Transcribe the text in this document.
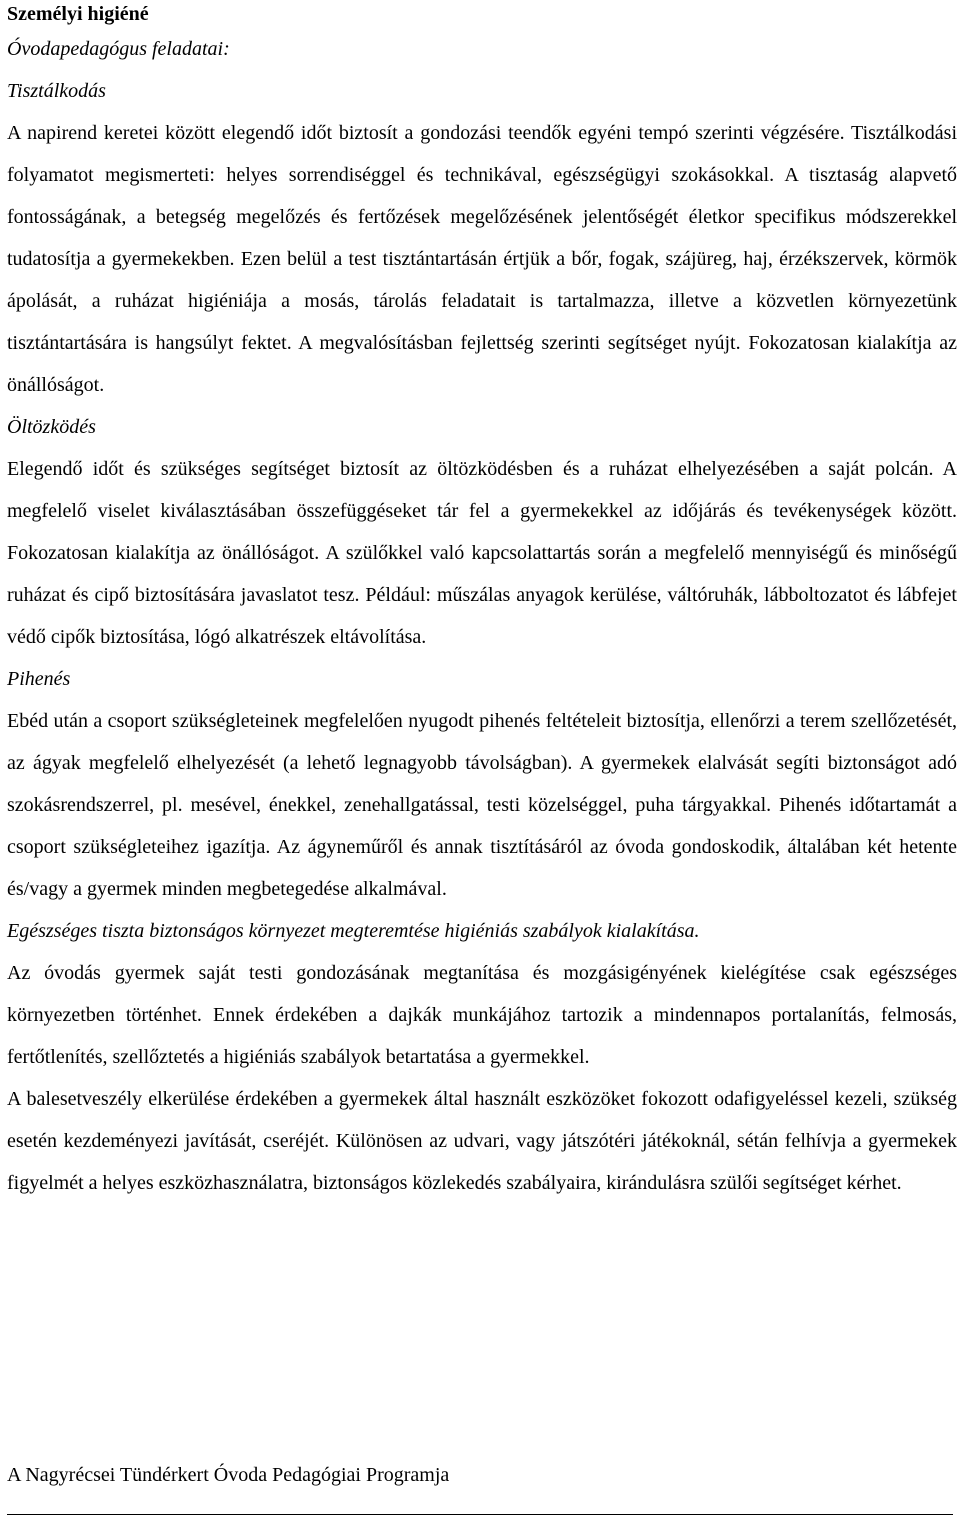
Személyi higiéné

Óvodapedagógus feladatai:

Tisztálkodás

A napirend keretei között elegendő időt biztosít a gondozási teendők egyéni tempó szerinti végzésére. Tisztálkodási folyamatot megismerteti: helyes sorrendiséggel és technikával, egészségügyi szokásokkal. A tisztaság alapvető fontosságának, a betegség megelőzés és fertőzések megelőzésének jelentőségét életkor specifikus módszerekkel tudatosítja a gyermekekben. Ezen belül a test tisztántartásán értjük a bőr, fogak, szájüreg, haj, érzékszervek, körmök ápolását, a ruházat higiéniája a mosás, tárolás feladatait is tartalmazza, illetve a közvetlen környezetünk tisztántartására is hangsúlyt fektet. A megvalósításban fejlettség szerinti segítséget nyújt. Fokozatosan kialakítja az önállóságot.

Öltözködés

Elegendő időt és szükséges segítséget biztosít az öltözködésben és a ruházat elhelyezésében a saját polcán. A megfelelő viselet kiválasztásában összefüggéseket tár fel a gyermekekkel az időjárás és tevékenységek között. Fokozatosan kialakítja az önállóságot. A szülőkkel való kapcsolattartás során a megfelelő mennyiségű és minőségű ruházat és cipő biztosítására javaslatot tesz. Például: műszálas anyagok kerülése, váltóruhák, lábboltozatot és lábfejet védő cipők biztosítása, lógó alkatrészek eltávolítása.

Pihenés

Ebéd után a csoport szükségleteinek megfelelően nyugodt pihenés feltételeit biztosítja, ellenőrzi a terem szellőzetését, az ágyak megfelelő elhelyezését (a lehető legnagyobb távolságban). A gyermekek elalvását segíti biztonságot adó szokásrendszerrel, pl. mesével, énekkel, zenehallgatással, testi közelséggel, puha tárgyakkal. Pihenés időtartamát a csoport szükségleteihez igazítja. Az ágyneműről és annak tisztításáról az óvoda gondoskodik, általában két hetente és/vagy a gyermek minden megbetegedése alkalmával.

Egészséges tiszta biztonságos környezet megteremtése higiéniás szabályok kialakítása.

Az óvodás gyermek saját testi gondozásának megtanítása és mozgásigényének kielégítése csak egészséges környezetben történhet. Ennek érdekében a dajkák munkájához tartozik a mindennapos portalanítás, felmosás, fertőtlenítés, szellőztetés a higiéniás szabályok betartatása a gyermekkel.

A balesetveszély elkerülése érdekében a gyermekek által használt eszközöket fokozott odafigyeléssel kezeli, szükség esetén kezdeményezi javítását, cseréjét. Különösen az udvari, vagy játszótéri játékoknál, sétán felhívja a gyermekek figyelmét a helyes eszközhasználatra, biztonságos közlekedés szabályaira, kirándulásra szülői segítséget kérhet.

A Nagyrécsei Tündérkert Óvoda Pedagógiai Programja
